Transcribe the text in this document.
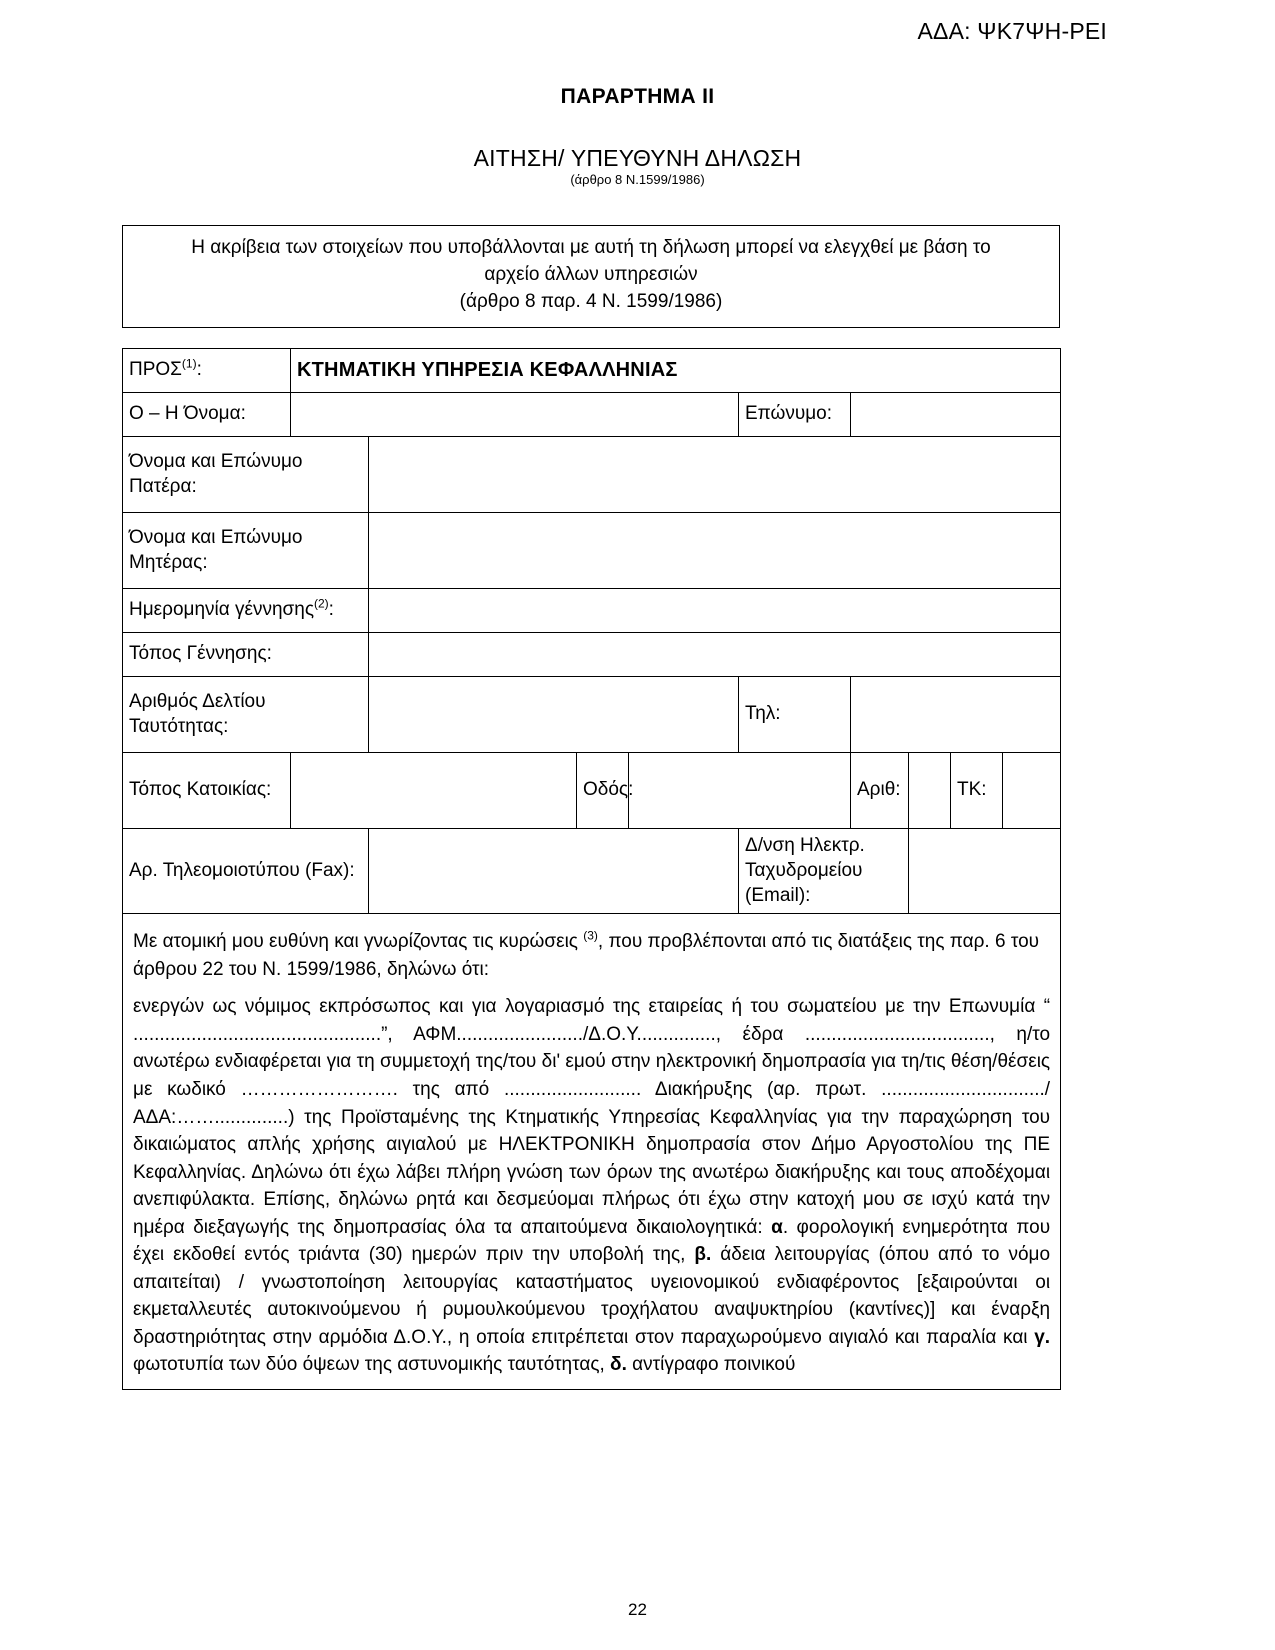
ΑΔΑ: ΨΚ7ΨΗ-ΡΕΙ
ΠΑΡΑΡΤΗΜΑ ΙΙ
ΑΙΤΗΣΗ/ ΥΠΕΥΘΥΝΗ ΔΗΛΩΣΗ
(άρθρο 8 Ν.1599/1986)
Η ακρίβεια των στοιχείων που υποβάλλονται με αυτή τη δήλωση μπορεί να ελεγχθεί με βάση το
αρχείο άλλων υπηρεσιών
(άρθρο 8 παρ. 4 Ν. 1599/1986)
ΠΡΟΣ$^{(1)}$:	ΚΤΗΜΑΤΙΚΗ ΥΠΗΡΕΣΙΑ ΚΕΦΑΛΛΗΝΙΑΣ								
Ο – Η Όνομα:					Επώνυμο:				
Όνομα και Επώνυμο Πατέρα:									
Όνομα και Επώνυμο Μητέρας:									
Ημερομηνία γέννησης$^{(2)}$:									
Τόπος Γέννησης:									
Αριθμός Δελτίου Ταυτότητας:					Τηλ:				
Τόπος Κατοικίας:			Οδός:			Αριθ:		ΤΚ:	
Αρ. Τηλεομοιοτύπου (Fax):					Δ/νση Ηλεκτρ. Ταχυδρομείου (Email):				

Με ατομική μου ευθύνη και γνωρίζοντας τις κυρώσεις $^{(3)}$, που προβλέπονται από τις διατάξεις της παρ. 6 του άρθρου 22 του Ν. 1599/1986, δηλώνω ότι:

ενεργών ως νόμιμος εκπρόσωπος και για λογαριασμό της εταιρείας ή του σωματείου με την Επωνυμία “ ...............................................”, ΑΦΜ......................../Δ.Ο.Υ..............., έδρα ..................................., η/το ανωτέρω ενδιαφέρεται για τη συμμετοχή της/του δι' εμού στην ηλεκτρονική δημοπρασία για τη/τις θέση/θέσεις με κωδικό ……………………. της από .......................... Διακήρυξης (αρ. πρωτ. .............................../ΑΔΑ:……..............) της Προϊσταμένης της Κτηματικής Υπηρεσίας Κεφαλληνίας για την παραχώρηση του δικαιώματος απλής χρήσης αιγιαλού με ΗΛΕΚΤΡΟΝΙΚΗ δημοπρασία στον Δήμο Αργοστολίου της ΠΕ Κεφαλληνίας. Δηλώνω ότι έχω λάβει πλήρη γνώση των όρων της ανωτέρω διακήρυξης και τους αποδέχομαι ανεπιφύλακτα. Επίσης, δηλώνω ρητά και δεσμεύομαι πλήρως ότι έχω στην κατοχή μου σε ισχύ κατά την ημέρα διεξαγωγής της δημοπρασίας όλα τα απαιτούμενα δικαιολογητικά: α. φορολογική ενημερότητα που έχει εκδοθεί εντός τριάντα (30) ημερών πριν την υποβολή της, β. άδεια λειτουργίας (όπου από το νόμο απαιτείται) / γνωστοποίηση λειτουργίας καταστήματος υγειονομικού ενδιαφέροντος [εξαιρούνται οι εκμεταλλευτές αυτοκινούμενου ή ρυμουλκούμενου τροχήλατου αναψυκτηρίου (καντίνες)] και έναρξη δραστηριότητας στην αρμόδια Δ.Ο.Υ., η οποία επιτρέπεται στον παραχωρούμενο αιγιαλό και παραλία και γ. φωτοτυπία των δύο όψεων της αστυνομικής ταυτότητας, δ. αντίγραφο ποινικού									

22
